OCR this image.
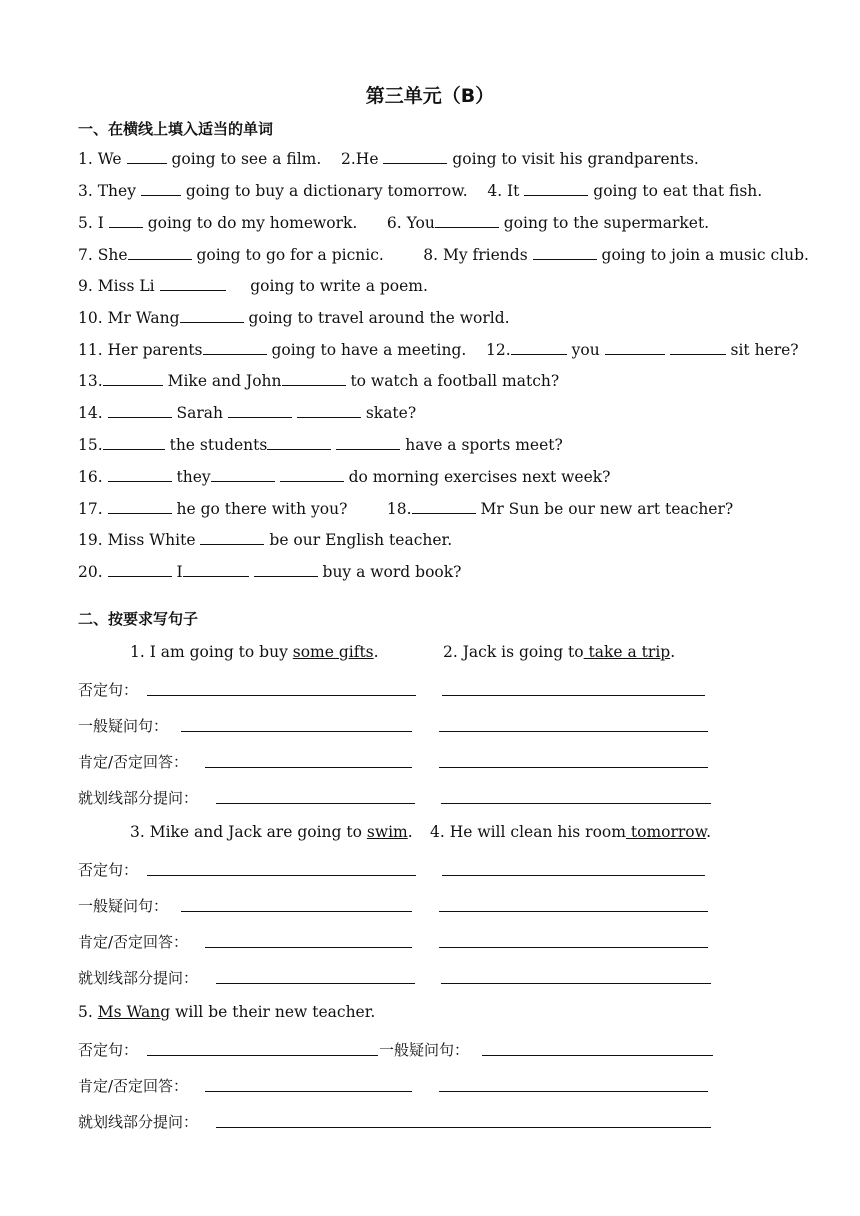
第三单元（B）
一、在横线上填入适当的单词
1. We	going to see a film. 2.He	going to visit his grandparents.
3. They	going to buy a dictionary tomorrow. 4. It	going to eat that fish.
5. I	going to do my homework. 6. You	going to the supermarket.
7. She	going to go for a picnic.	8. My friends	going to join a music club.
9. Miss Li	going to write a poem.
10. Mr Wang	going to travel around the world.
11. Her parents	going to have a meeting. 12.	you	sit here?
13.	Mike and John	to watch a football match?
14.	Sarah	skate?
15.	the students	have a sports meet?
16.	they	do morning exercises next week?
17.	he go there with you?	18.	Mr Sun be our new art teacher?
19. Miss White	be our English teacher.
20.	I	buy a word book?
二、按要求写句子
1. I am going to buy some gifts.	2. Jack is going to take a trip.
否定句：
一般疑问句：
肯定/否定回答：
就划线部分提问：
3. Mike and Jack are going to swim. 4. He will clean his room tomorrow.
否定句：
一般疑问句：
肯定/否定回答：
就划线部分提问：
5. Ms Wang will be their new teacher.
否定句：	一般疑问句：
肯定/否定回答：
就划线部分提问：
